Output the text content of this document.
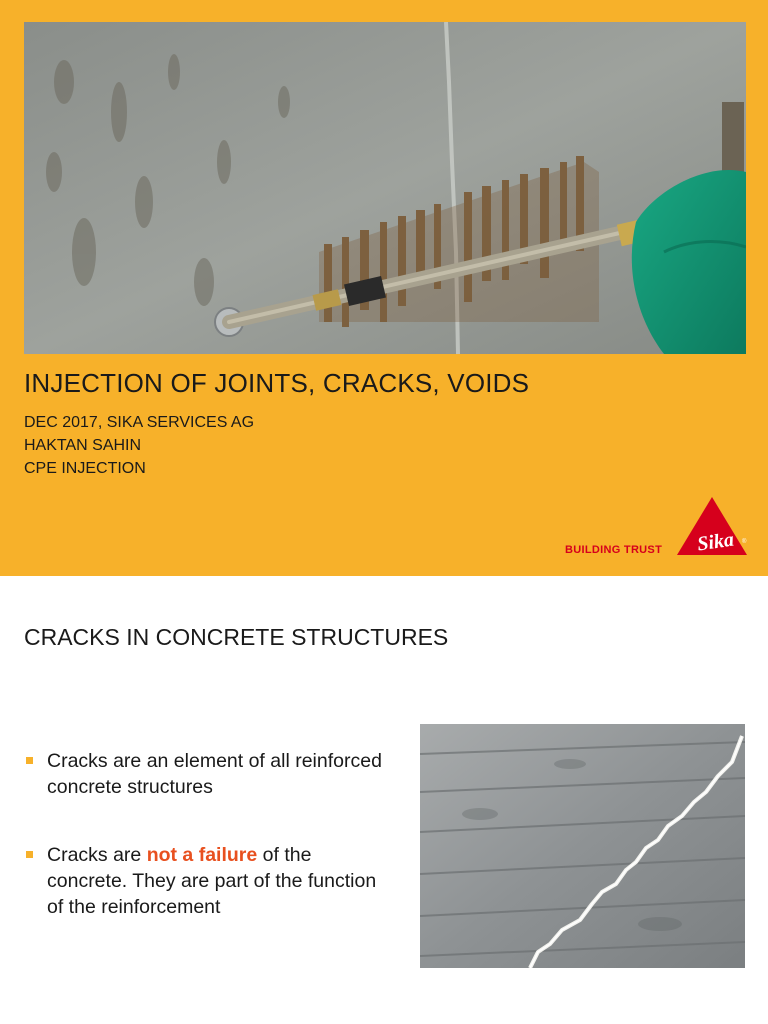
INJECTION OF JOINTS, CRACKS, VOIDS
DEC 2017, SIKA SERVICES AG
HAKTAN SAHIN
CPE INJECTION
BUILDING TRUST Sika ®
CRACKS IN CONCRETE STRUCTURES

Cracks are an element of all reinforced concrete structures

Cracks are not a failure of the concrete. They are part of the function of the reinforcement
